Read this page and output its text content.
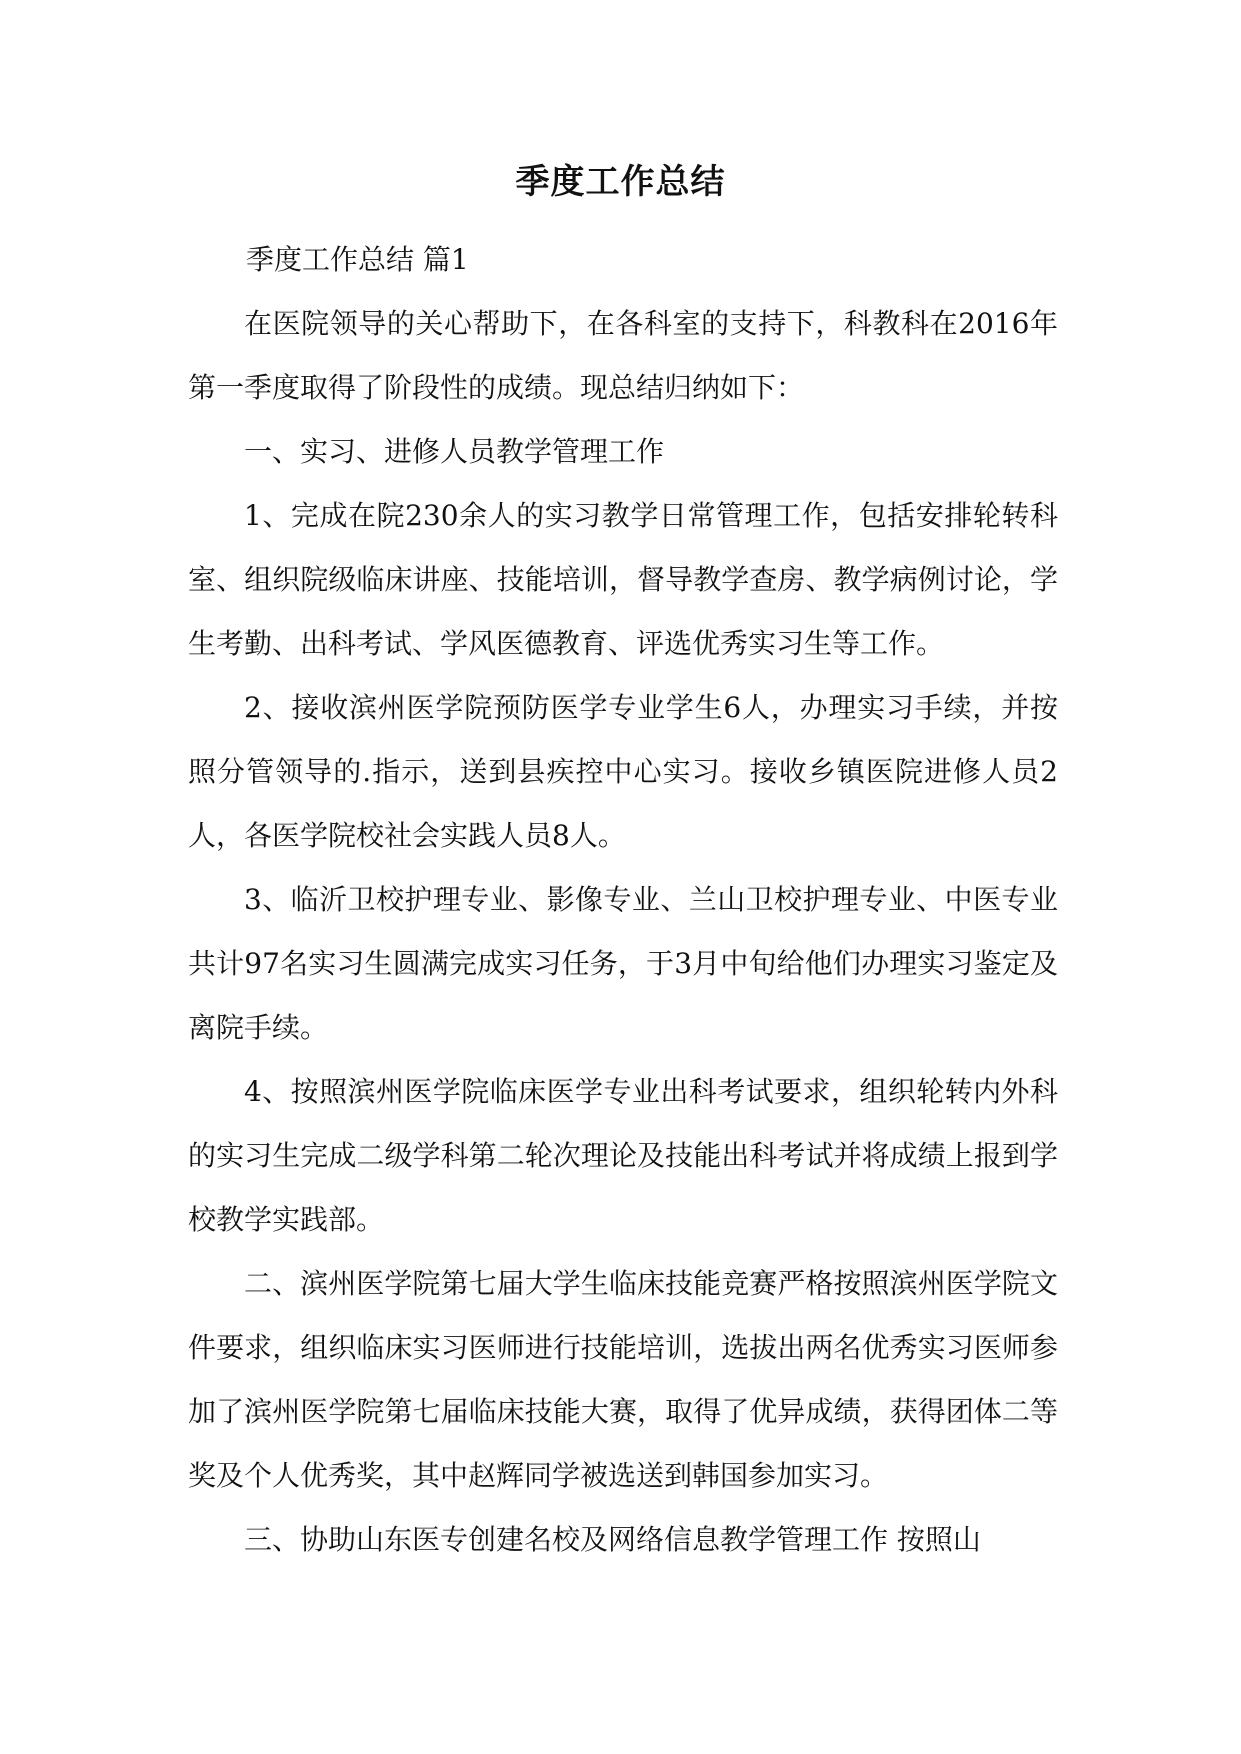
季度工作总结

季度工作总结 篇1

在医院领导的关心帮助下，在各科室的支持下，科教科在2016年第一季度取得了阶段性的成绩。现总结归纳如下：

一、实习、进修人员教学管理工作

1、完成在院230余人的实习教学日常管理工作，包括安排轮转科室、组织院级临床讲座、技能培训，督导教学查房、教学病例讨论，学生考勤、出科考试、学风医德教育、评选优秀实习生等工作。

2、接收滨州医学院预防医学专业学生6人，办理实习手续，并按照分管领导的.指示，送到县疾控中心实习。接收乡镇医院进修人员2人，各医学院校社会实践人员8人。

3、临沂卫校护理专业、影像专业、兰山卫校护理专业、中医专业共计97名实习生圆满完成实习任务，于3月中旬给他们办理实习鉴定及离院手续。

4、按照滨州医学院临床医学专业出科考试要求，组织轮转内外科的实习生完成二级学科第二轮次理论及技能出科考试并将成绩上报到学校教学实践部。

二、滨州医学院第七届大学生临床技能竞赛严格按照滨州医学院文件要求，组织临床实习医师进行技能培训，选拔出两名优秀实习医师参加了滨州医学院第七届临床技能大赛，取得了优异成绩，获得团体二等奖及个人优秀奖，其中赵辉同学被选送到韩国参加实习。

三、协助山东医专创建名校及网络信息教学管理工作 按照山
